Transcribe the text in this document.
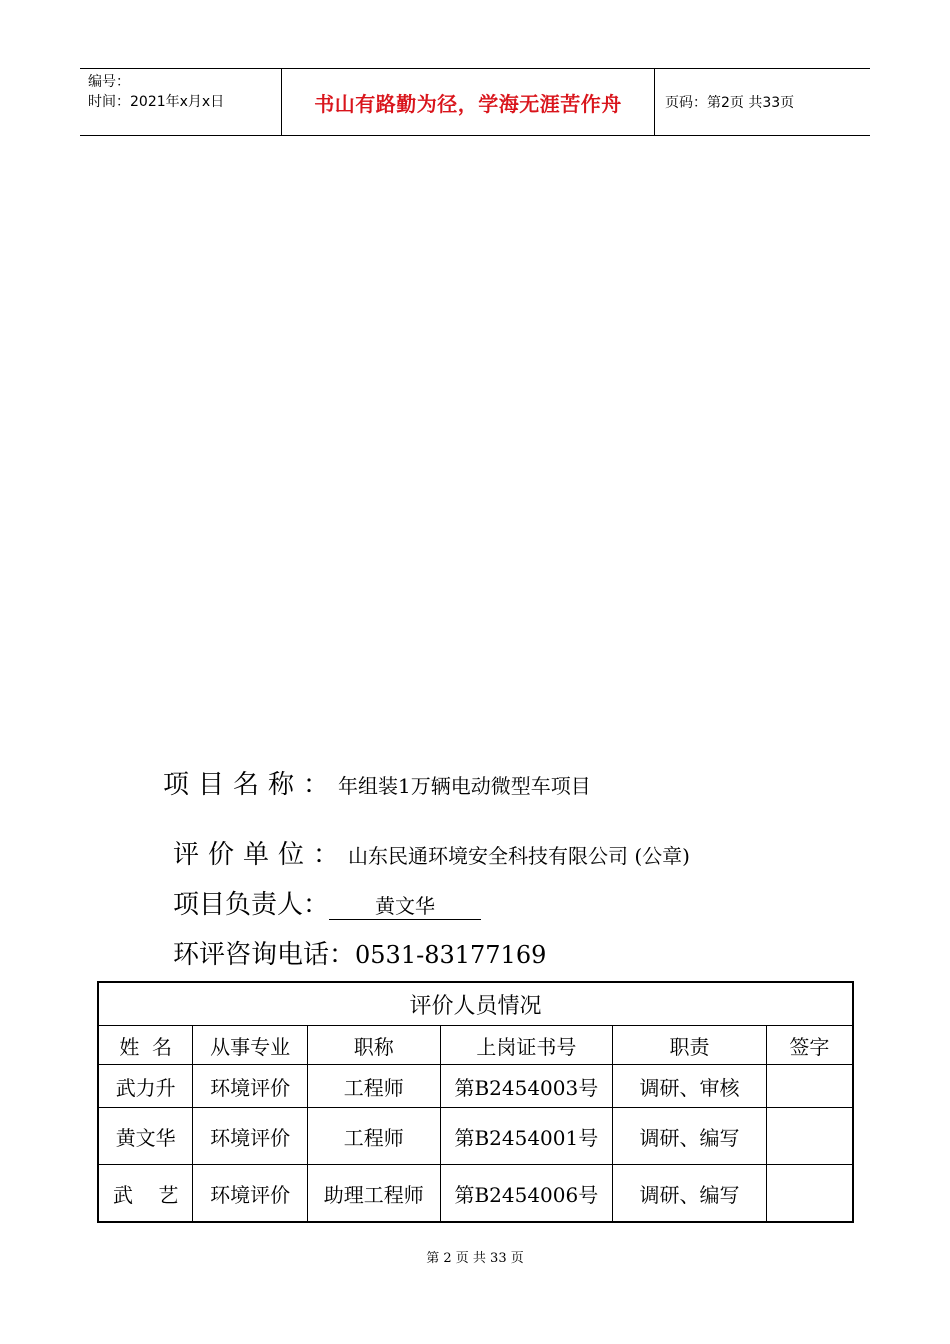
编号：
时间：2021年x月x日	书山有路勤为径，学海无涯苦作舟	页码：第2页 共33页
项目名称：年组装1万辆电动微型车项目
评价单位：山东民通环境安全科技有限公司 (公章)
项目负责人： 黄文华
环评咨询电话：0531-83177169
评价人员情况					
姓  名	从事专业	职称	上岗证书号	职责	签字
武力升	环境评价	工程师	第B2454003号	调研、审核	
黄文华	环境评价	工程师	第B2454001号	调研、编写	
武    艺	环境评价	助理工程师	第B2454006号	调研、编写	
第 2 页 共 33 页
